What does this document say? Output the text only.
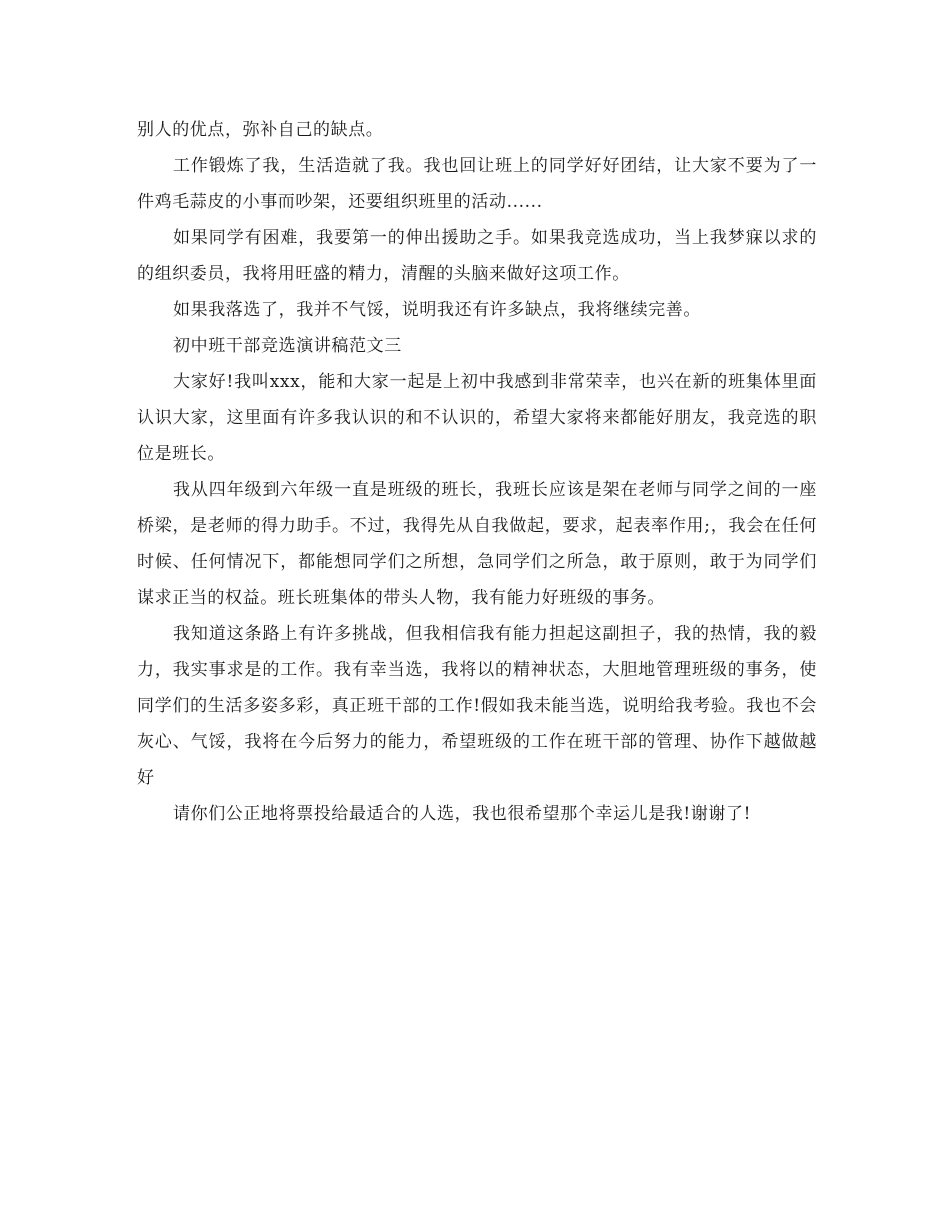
别人的优点，弥补自己的缺点。

工作锻炼了我，生活造就了我。我也回让班上的同学好好团结，让大家不要为了一件鸡毛蒜皮的小事而吵架，还要组织班里的活动......

如果同学有困难，我要第一的伸出援助之手。如果我竞选成功，当上我梦寐以求的的组织委员，我将用旺盛的精力，清醒的头脑来做好这项工作。

如果我落选了，我并不气馁，说明我还有许多缺点，我将继续完善。

初中班干部竞选演讲稿范文三

大家好!我叫xxx，能和大家一起是上初中我感到非常荣幸，也兴在新的班集体里面认识大家，这里面有许多我认识的和不认识的，希望大家将来都能好朋友，我竞选的职位是班长。

我从四年级到六年级一直是班级的班长，我班长应该是架在老师与同学之间的一座桥梁，是老师的得力助手。不过，我得先从自我做起，要求，起表率作用;，我会在任何时候、任何情况下，都能想同学们之所想，急同学们之所急，敢于原则，敢于为同学们谋求正当的权益。班长班集体的带头人物，我有能力好班级的事务。

我知道这条路上有许多挑战，但我相信我有能力担起这副担子，我的热情，我的毅力，我实事求是的工作。我有幸当选，我将以的精神状态，大胆地管理班级的事务，使同学们的生活多姿多彩，真正班干部的工作!假如我未能当选，说明给我考验。我也不会灰心、气馁，我将在今后努力的能力，希望班级的工作在班干部的管理、协作下越做越好

请你们公正地将票投给最适合的人选，我也很希望那个幸运儿是我!谢谢了!
